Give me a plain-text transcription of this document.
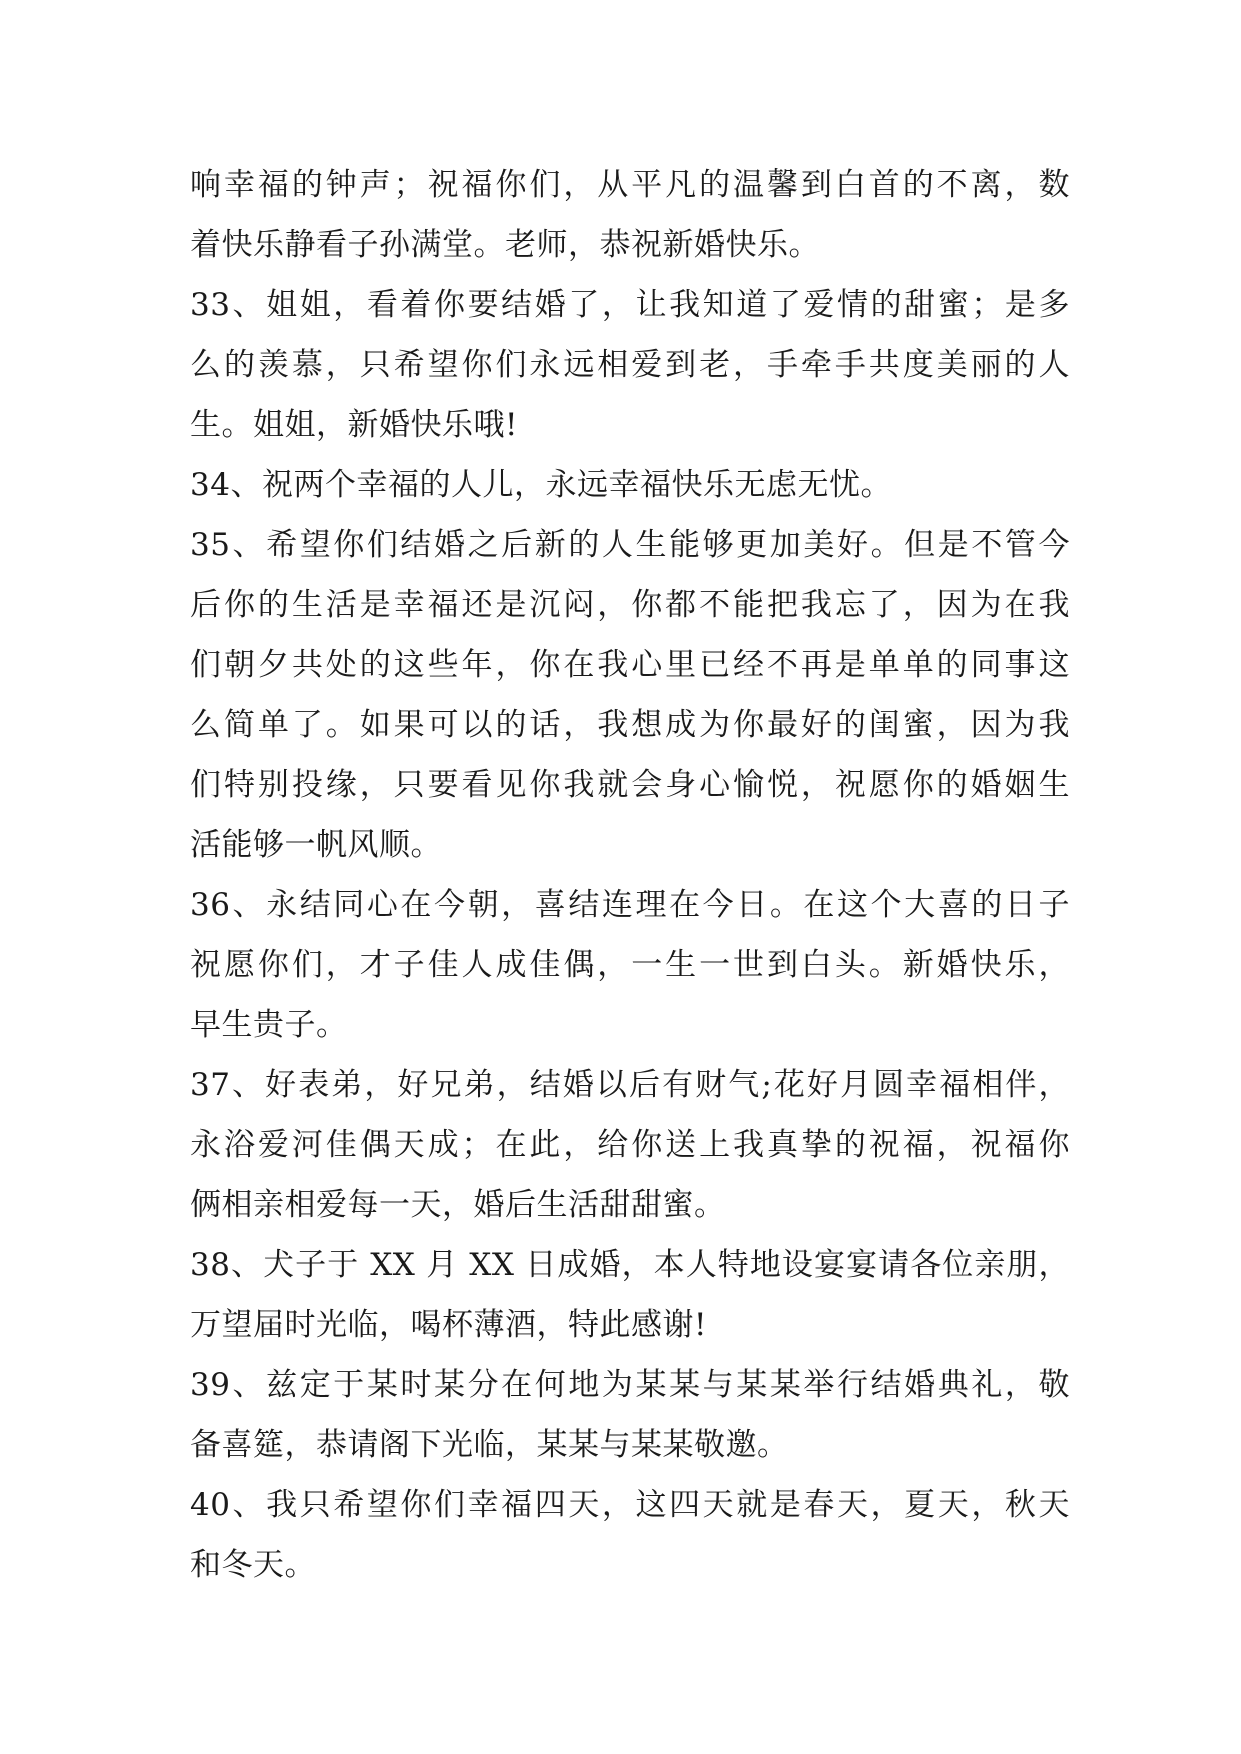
响幸福的钟声；祝福你们，从平凡的温馨到白首的不离，数
着快乐静看子孙满堂。老师，恭祝新婚快乐。
33、姐姐，看着你要结婚了，让我知道了爱情的甜蜜；是多
么的羡慕，只希望你们永远相爱到老，手牵手共度美丽的人
生。姐姐，新婚快乐哦!
34、祝两个幸福的人儿，永远幸福快乐无虑无忧。
35、希望你们结婚之后新的人生能够更加美好。但是不管今
后你的生活是幸福还是沉闷，你都不能把我忘了，因为在我
们朝夕共处的这些年，你在我心里已经不再是单单的同事这
么简单了。如果可以的话，我想成为你最好的闺蜜，因为我
们特别投缘，只要看见你我就会身心愉悦，祝愿你的婚姻生
活能够一帆风顺。
36、永结同心在今朝，喜结连理在今日。在这个大喜的日子
祝愿你们，才子佳人成佳偶，一生一世到白头。新婚快乐，
早生贵子。
37、好表弟，好兄弟，结婚以后有财气;花好月圆幸福相伴，
永浴爱河佳偶天成；在此，给你送上我真挚的祝福，祝福你
俩相亲相爱每一天，婚后生活甜甜蜜。
38、犬子于 XX 月 XX 日成婚，本人特地设宴宴请各位亲朋，
万望届时光临，喝杯薄酒，特此感谢!
39、兹定于某时某分在何地为某某与某某举行结婚典礼，敬
备喜筵，恭请阁下光临，某某与某某敬邀。
40、我只希望你们幸福四天，这四天就是春天，夏天，秋天
和冬天。
